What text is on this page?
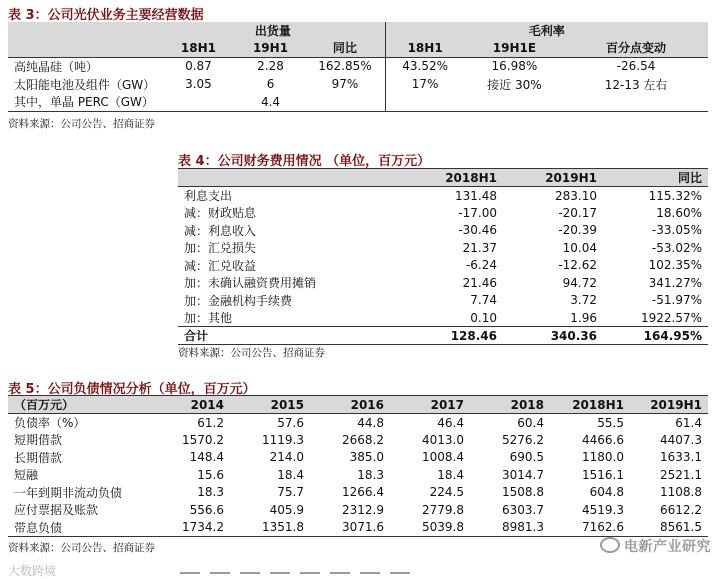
表 3：公司光伏业务主要经营数据
	出货量			毛利率		
	18H1	19H1	同比	18H1	19H1E	百分点变动
高纯晶硅（吨）	0.87	2.28	162.85%	43.52%	16.98%	-26.54
太阳能电池及组件（GW）	3.05	6	97%	17%	接近 30%	12-13 左右
其中，单晶 PERC（GW）		4.4				
资料来源：公司公告、招商证券
表 4：公司财务费用情况 （单位，百万元）
	2018H1	2019H1	同比
利息支出	131.48	283.10	115.32%
减：财政贴息	-17.00	-20.17	18.60%
减：利息收入	-30.46	-20.39	-33.05%
加：汇兑损失	21.37	10.04	-53.02%
减：汇兑收益	-6.24	-12.62	102.35%
加：未确认融资费用摊销	21.46	94.72	341.27%
加：金融机构手续费	7.74	3.72	-51.97%
加：其他	0.10	1.96	1922.57%
合计	128.46	340.36	164.95%
资料来源：公司公告、招商证券
表 5：公司负债情况分析（单位，百万元）
（百万元）	2014	2015	2016	2017	2018	2018H1	2019H1
负债率（%）	61.2	57.6	44.8	46.4	60.4	55.5	61.4
短期借款	1570.2	1119.3	2668.2	4013.0	5276.2	4466.6	4407.3
长期借款	148.4	214.0	385.0	1008.4	690.5	1180.0	1633.1
短融	15.6	18.4	18.3	18.4	3014.7	1516.1	2521.1
一年到期非流动负债	18.3	75.7	1266.4	224.5	1508.8	604.8	1108.8
应付票据及账款	556.6	405.9	2312.9	2779.8	6303.7	4519.3	6612.2
带息负债	1734.2	1351.8	3071.6	5039.8	8981.3	7162.6	8561.5
资料来源：公司公告、招商证券	电新产业研究
大数跨境
